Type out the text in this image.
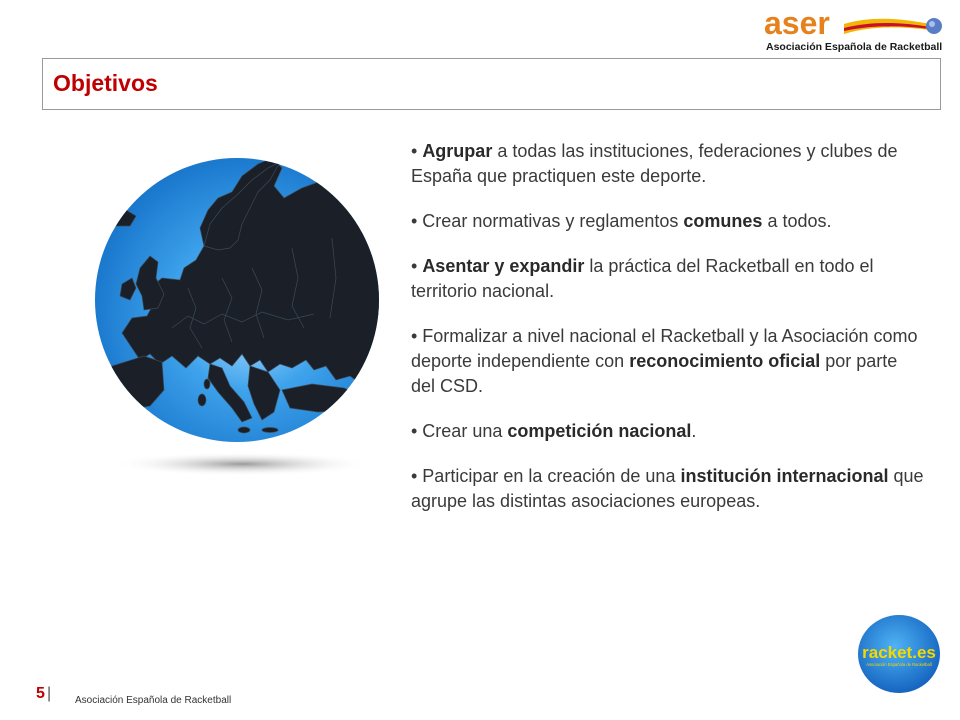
aser
Asociación Española de Racketball
Objetivos
• Agrupar a todas las instituciones, federaciones y clubes de España que practiquen este deporte.
• Crear normativas y reglamentos comunes a todos.
• Asentar y expandir la práctica del Racketball en todo el territorio nacional.
• Formalizar a nivel nacional el Racketball y la Asociación como deporte independiente con reconocimiento oficial por parte del CSD.
• Crear una competición nacional.
• Participar en la creación de una institución internacional que agrupe las distintas asociaciones europeas.
racket.es
Asociación Española de Racketball
5 | Asociación Española de Racketball
